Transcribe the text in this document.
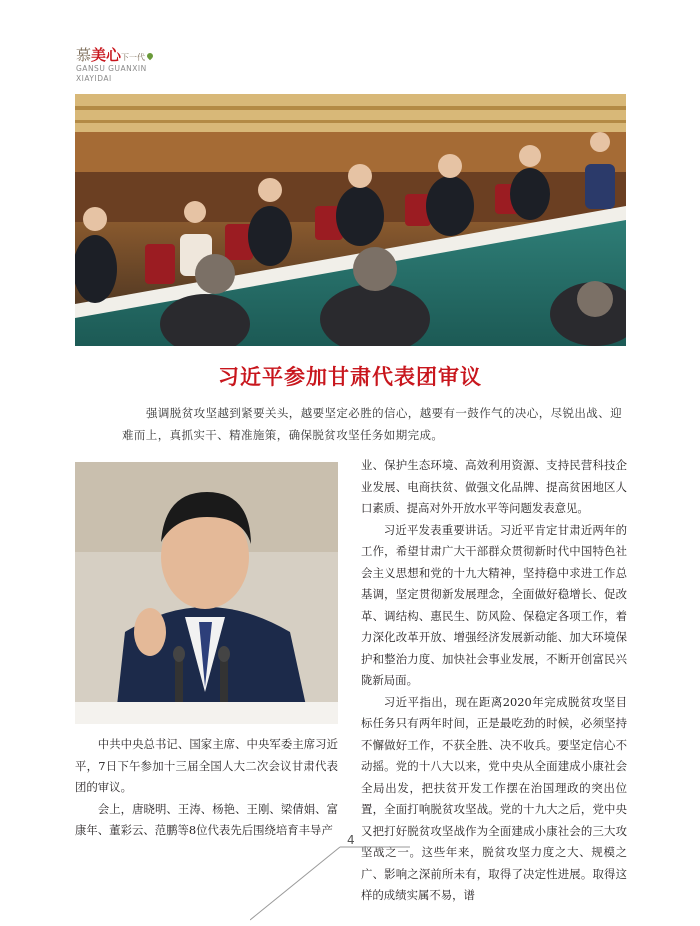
慕美心下一代
GANSU GUANXIN
XIAYIDAI
习近平参加甘肃代表团审议

强调脱贫攻坚越到紧要关头，越要坚定必胜的信心，越要有一鼓作气的决心，尽锐出战、迎难而上，真抓实干、精准施策，确保脱贫攻坚任务如期完成。

中共中央总书记、国家主席、中央军委主席习近平，7日下午参加十三届全国人大二次会议甘肃代表团的审议。

会上，唐晓明、王涛、杨艳、王刚、梁倩娟、富康年、董彩云、范鹏等8位代表先后围绕培育丰导产

业、保护生态环境、高效利用资源、支持民营科技企业发展、电商扶贫、做强文化品牌、提高贫困地区人口素质、提高对外开放水平等问题发表意见。

习近平发表重要讲话。习近平肯定甘肃近两年的工作，希望甘肃广大干部群众贯彻新时代中国特色社会主义思想和党的十九大精神，坚持稳中求进工作总基调，坚定贯彻新发展理念，全面做好稳增长、促改革、调结构、惠民生、防风险、保稳定各项工作，着力深化改革开放、增强经济发展新动能、加大环境保护和整治力度、加快社会事业发展，不断开创富民兴陇新局面。

习近平指出，现在距离2020年完成脱贫攻坚目标任务只有两年时间，正是最吃劲的时候，必须坚持不懈做好工作，不获全胜、决不收兵。要坚定信心不动摇。党的十八大以来，党中央从全面建成小康社会全局出发，把扶贫开发工作摆在治国理政的突出位置，全面打响脱贫攻坚战。党的十九大之后，党中央又把打好脱贫攻坚战作为全面建成小康社会的三大攻坚战之一。这些年来，脱贫攻坚力度之大、规模之广、影响之深前所未有，取得了决定性进展。取得这样的成绩实属不易，谱

4
